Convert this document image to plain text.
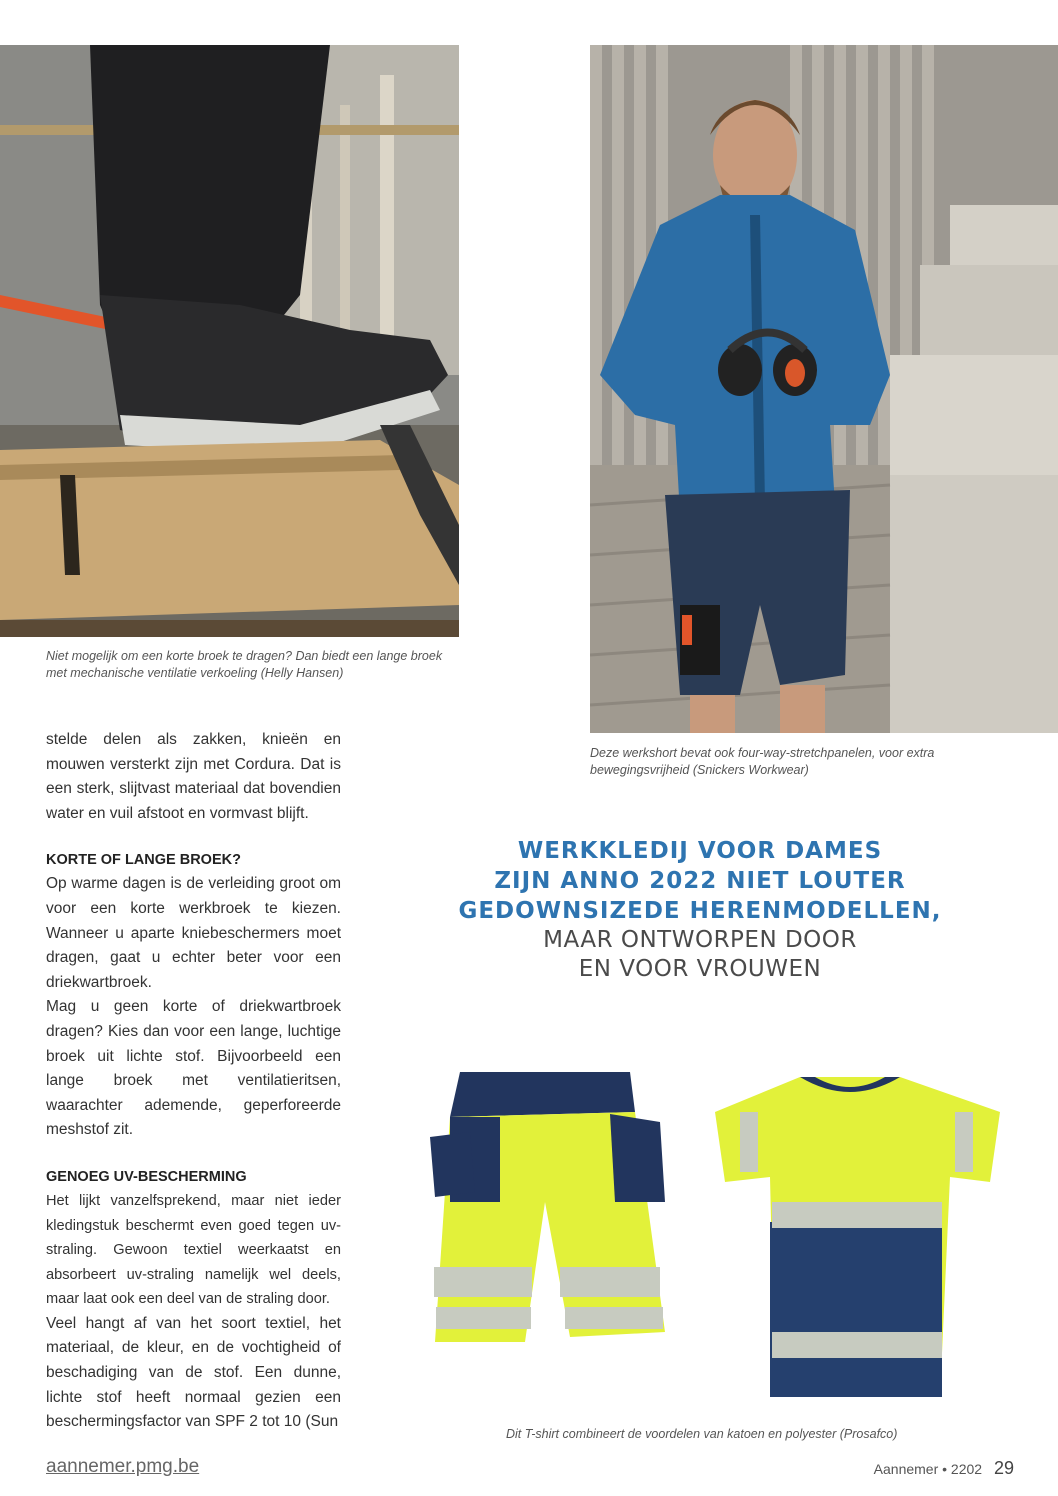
Niet mogelijk om een korte broek te dragen? Dan biedt een lange broek met mechanische ventilatie verkoeling (Helly Hansen)
Deze werkshort bevat ook four-way-stretchpanelen, voor extra bewegingsvrijheid (Snickers Workwear)

stelde delen als zakken, knieën en mouwen versterkt zijn met Cordura. Dat is een sterk, slijtvast materiaal dat bovendien water en vuil afstoot en vormvast blijft.

KORTE OF LANGE BROEK?

Op warme dagen is de verleiding groot om voor een korte werkbroek te kiezen. Wanneer u aparte kniebeschermers moet dragen, gaat u echter beter voor een driekwartbroek.

Mag u geen korte of driekwartbroek dragen? Kies dan voor een lange, luchtige broek uit lichte stof. Bijvoorbeeld een lange broek met ventilatieritsen, waarachter ademende, geperforeerde meshstof zit.

GENOEG UV-BESCHERMING

Het lijkt vanzelfsprekend, maar niet ieder kledingstuk beschermt even goed tegen uv-straling. Gewoon textiel weerkaatst en absorbeert uv-straling namelijk wel deels, maar laat ook een deel van de straling door.

Veel hangt af van het soort textiel, het materiaal, de kleur, en de vochtigheid of beschadiging van de stof. Een dunne, lichte stof heeft normaal gezien een beschermingsfactor van SPF 2 tot 10 (Sun

WERKKLEDIJ VOOR DAMES
ZIJN ANNO 2022 NIET LOUTER
GEDOWNSIZEDE HERENMODELLEN,
MAAR ONTWORPEN DOOR
EN VOOR VROUWEN
Dit T-shirt combineert de voordelen van katoen en polyester (Prosafco)
aannemer.pmg.be	Aannemer • 2202 29
